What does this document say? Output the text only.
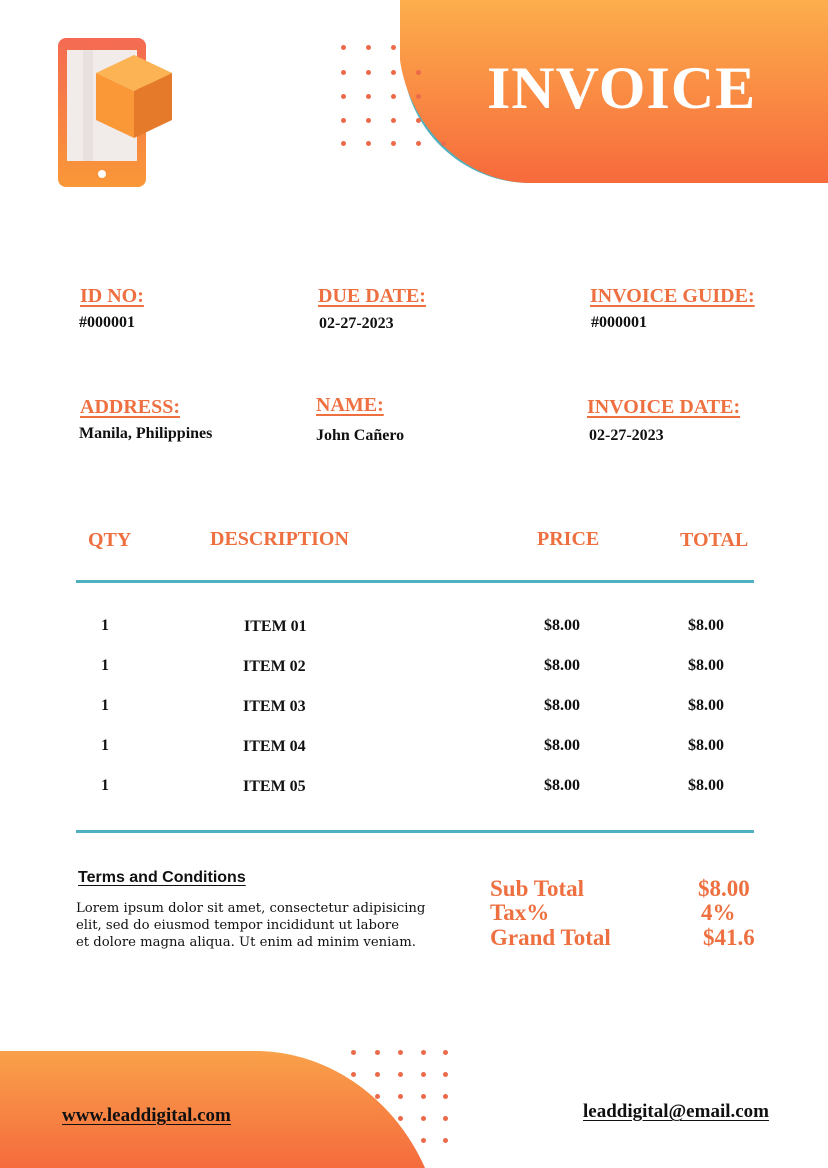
INVOICE
ID NO:
#000001
DUE DATE:
02-27-2023
INVOICE GUIDE:
#000001
ADDRESS:
Manila, Philippines
NAME:
John Cañero
INVOICE DATE:
02-27-2023
QTY	DESCRIPTION	PRICE	TOTAL
1	ITEM 01	$8.00	$8.00
1	ITEM 02	$8.00	$8.00
1	ITEM 03	$8.00	$8.00
1	ITEM 04	$8.00	$8.00
1	ITEM 05	$8.00	$8.00
Terms and Conditions
Lorem ipsum dolor sit amet, consectetur adipisicing
elit, sed do eiusmod tempor incididunt ut labore
et dolore magna aliqua. Ut enim ad minim veniam.
Sub Total	$8.00
Tax%	4%
Grand Total	$41.6
www.leaddigital.com	leaddigital@email.com
